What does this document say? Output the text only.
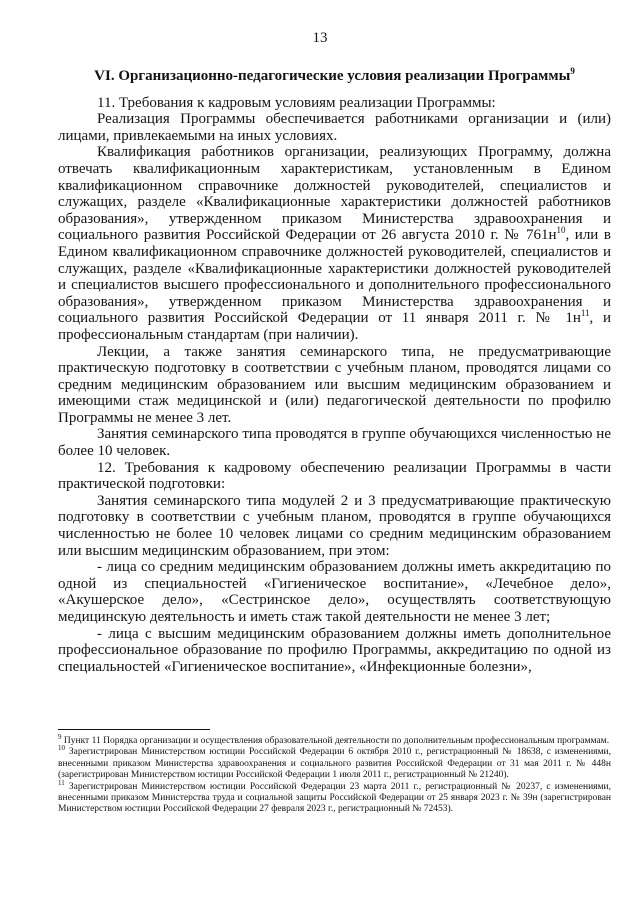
13
VI. Организационно-педагогические условия реализации Программы$^9$

11. Требования к кадровым условиям реализации Программы:

Реализация Программы обеспечивается работниками организации и (или) лицами, привлекаемыми на иных условиях.

Квалификация работников организации, реализующих Программу, должна отвечать квалификационным характеристикам, установленным в Едином квалификационном справочнике должностей руководителей, специалистов и служащих, разделе «Квалификационные характеристики должностей работников образования», утвержденном приказом Министерства здравоохранения и социального развития Российской Федерации от 26 августа 2010 г. № $761н^{10}$, или в Едином квалификационном справочнике должностей руководителей, специалистов и служащих, разделе «Квалификационные характеристики должностей руководителей и специалистов высшего профессионального и дополнительного профессионального образования», утвержденном приказом Министерства здравоохранения и социального развития Российской Федерации от 11 января 2011 г. № $1н^{11}$, и профессиональным стандартам (при наличии).

Лекции, а также занятия семинарского типа, не предусматривающие практическую подготовку в соответствии с учебным планом, проводятся лицами со средним медицинским образованием или высшим медицинским образованием и имеющими стаж медицинской и (или) педагогической деятельности по профилю Программы не менее 3 лет.

Занятия семинарского типа проводятся в группе обучающихся численностью не более 10 человек.

12. Требования к кадровому обеспечению реализации Программы в части практической подготовки:

Занятия семинарского типа модулей 2 и 3 предусматривающие практическую подготовку в соответствии с учебным планом, проводятся в группе обучающихся численностью не более 10 человек лицами со средним медицинским образованием или высшим медицинским образованием, при этом:

- лица со средним медицинским образованием должны иметь аккредитацию по одной из специальностей «Гигиеническое воспитание», «Лечебное дело», «Акушерское дело», «Сестринское дело», осуществлять соответствующую медицинскую деятельность и иметь стаж такой деятельности не менее 3 лет;

- лица с высшим медицинским образованием должны иметь дополнительное профессиональное образование по профилю Программы, аккредитацию по одной из специальностей «Гигиеническое воспитание», «Инфекционные болезни»,

$^9$ Пункт 11 Порядка организации и осуществления образовательной деятельности по дополнительным профессиональным программам.

$^{10}$ Зарегистрирован Министерством юстиции Российской Федерации 6 октября 2010 г., регистрационный № 18638, с изменениями, внесенными приказом Министерства здравоохранения и социального развития Российской Федерации от 31 мая 2011 г. № 448н (зарегистрирован Министерством юстиции Российской Федерации 1 июля 2011 г., регистрационный № 21240).

$^{11}$ Зарегистрирован Министерством юстиции Российской Федерации 23 марта 2011 г., регистрационный № 20237, с изменениями, внесенными приказом Министерства труда и социальной защиты Российской Федерации от 25 января 2023 г. № 39н (зарегистрирован Министерством юстиции Российской Федерации 27 февраля 2023 г., регистрационный № 72453).
